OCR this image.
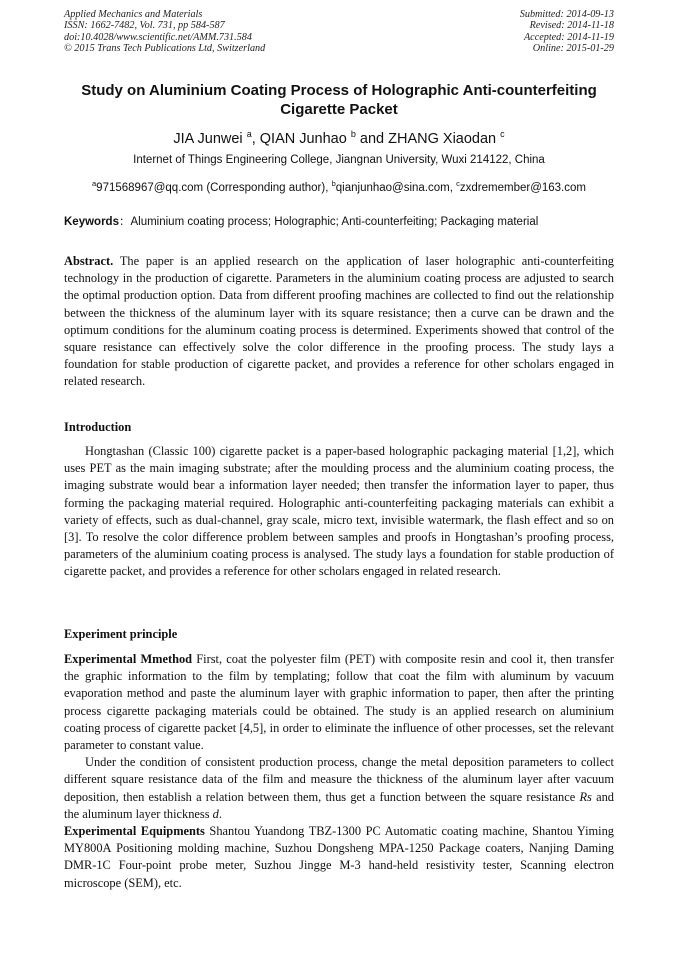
Applied Mechanics and Materials
ISSN: 1662-7482, Vol. 731, pp 584-587
doi:10.4028/www.scientific.net/AMM.731.584
© 2015 Trans Tech Publications Ltd, Switzerland
Submitted: 2014-09-13
Revised: 2014-11-18
Accepted: 2014-11-19
Online: 2015-01-29
Study on Aluminium Coating Process of Holographic Anti-counterfeiting
Cigarette Packet
JIA Junwei $^a$, QIAN Junhao $^b$ and ZHANG Xiaodan $^c$
Internet of Things Engineering College, Jiangnan University, Wuxi 214122, China
$^a$971568967@qq.com (Corresponding author), $^b$qianjunhao@sina.com, $^c$zxdremember@163.com
Keywords：Aluminium coating process; Holographic; Anti-counterfeiting; Packaging material

Abstract. The paper is an applied research on the application of laser holographic anti-counterfeiting technology in the production of cigarette. Parameters in the aluminium coating process are adjusted to search the optimal production option. Data from different proofing machines are collected to find out the relationship between the thickness of the aluminum layer with its square resistance; then a curve can be drawn and the optimum conditions for the aluminum coating process is determined. Experiments showed that control of the square resistance can effectively solve the color difference in the proofing process. The study lays a foundation for stable production of cigarette packet, and provides a reference for other scholars engaged in related research.

Introduction

Hongtashan (Classic 100) cigarette packet is a paper-based holographic packaging material [1,2], which uses PET as the main imaging substrate; after the moulding process and the aluminium coating process, the imaging substrate would bear a information layer needed; then transfer the information layer to paper, thus forming the packaging material required. Holographic anti-counterfeiting packaging materials can exhibit a variety of effects, such as dual-channel, gray scale, micro text, invisible watermark, the flash effect and so on [3]. To resolve the color difference problem between samples and proofs in Hongtashan’s proofing process, parameters of the aluminium coating process is analysed. The study lays a foundation for stable production of cigarette packet, and provides a reference for other scholars engaged in related research.

Experiment principle

Experimental Mmethod First, coat the polyester film (PET) with composite resin and cool it, then transfer the graphic information to the film by templating; follow that coat the film with aluminum by vacuum evaporation method and paste the aluminum layer with graphic information to paper, then after the printing process cigarette packaging materials could be obtained. The study is an applied research on aluminium coating process of cigarette packet [4,5], in order to eliminate the influence of other processes, set the relevant parameter to constant value.

Under the condition of consistent production process, change the metal deposition parameters to collect different square resistance data of the film and measure the thickness of the aluminum layer after vacuum deposition, then establish a relation between them, thus get a function between the square resistance Rs and the aluminum layer thickness d.

Experimental Equipments Shantou Yuandong TBZ-1300 PC Automatic coating machine, Shantou Yiming MY800A Positioning molding machine, Suzhou Dongsheng MPA-1250 Package coaters, Nanjing Daming DMR-1C Four-point probe meter, Suzhou Jingge M-3 hand-held resistivity tester, Scanning electron microscope (SEM), etc.
